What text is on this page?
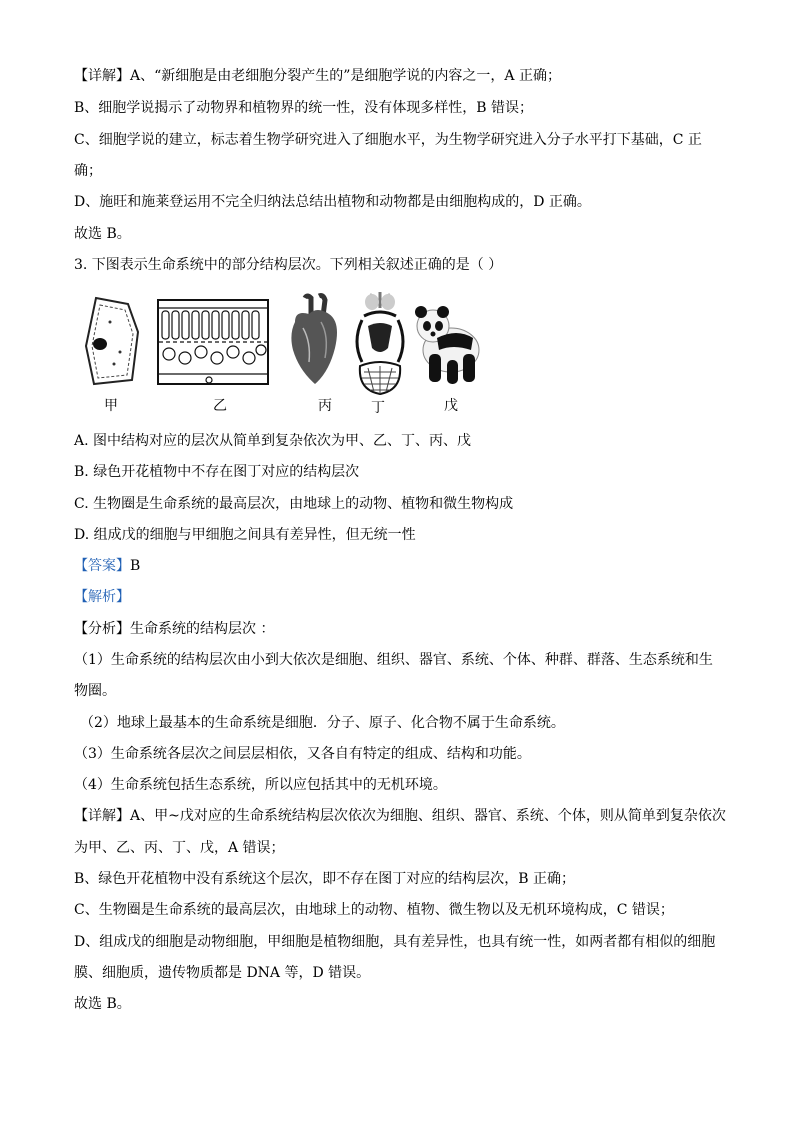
【详解】A、“新细胞是由老细胞分裂产生的”是细胞学说的内容之一，A 正确；
B、细胞学说揭示了动物界和植物界的统一性，没有体现多样性，B 错误；
C、细胞学说的建立，标志着生物学研究进入了细胞水平，为生物学研究进入分子水平打下基础，C 正
确；
D、施旺和施莱登运用不完全归纳法总结出植物和动物都是由细胞构成的，D 正确。
故选 B。
3. 下图表示生命系统中的部分结构层次。下列相关叙述正确的是（ ）
甲	乙	丙	丁	戊
A. 图中结构对应的层次从简单到复杂依次为甲、乙、丁、丙、戊
B. 绿色开花植物中不存在图丁对应的结构层次
C. 生物圈是生命系统的最高层次，由地球上的动物、植物和微生物构成
D. 组成戊的细胞与甲细胞之间具有差异性，但无统一性
【答案】B
【解析】
【分析】生命系统的结构层次 ：
（1）生命系统的结构层次由小到大依次是细胞、组织、器官、系统、个体、种群、群落、生态系统和生
物圈。
（2）地球上最基本的生命系统是细胞．分子、原子、化合物不属于生命系统。
（3）生命系统各层次之间层层相依，又各自有特定的组成、结构和功能。
（4）生命系统包括生态系统，所以应包括其中的无机环境。
【详解】A、甲~戊对应的生命系统结构层次依次为细胞、组织、器官、系统、个体，则从简单到复杂依次
为甲、乙、丙、丁、戊，A 错误；
B、绿色开花植物中没有系统这个层次，即不存在图丁对应的结构层次，B 正确；
C、生物圈是生命系统的最高层次，由地球上的动物、植物、微生物以及无机环境构成，C 错误；
D、组成戊的细胞是动物细胞，甲细胞是植物细胞，具有差异性，也具有统一性，如两者都有相似的细胞
膜、细胞质，遗传物质都是 DNA 等，D 错误。
故选 B。
